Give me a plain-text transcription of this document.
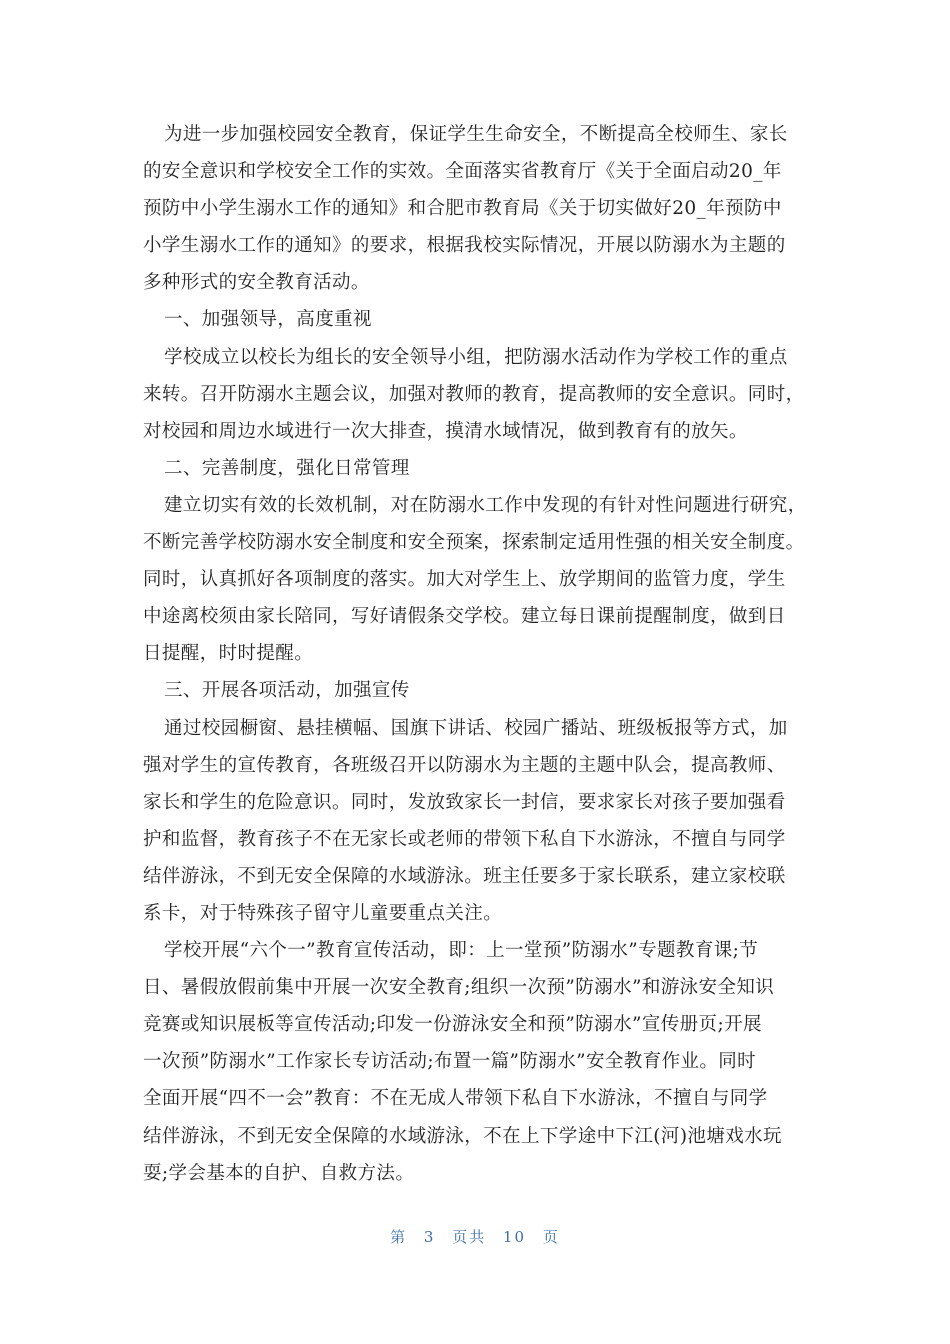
为进一步加强校园安全教育，保证学生生命安全，不断提高全校师生、家长
的安全意识和学校安全工作的实效。全面落实省教育厅《关于全面启动20_年
预防中小学生溺水工作的通知》和合肥市教育局《关于切实做好20_年预防中
小学生溺水工作的通知》的要求，根据我校实际情况，开展以防溺水为主题的
多种形式的安全教育活动。
一、加强领导，高度重视
学校成立以校长为组长的安全领导小组，把防溺水活动作为学校工作的重点
来转。召开防溺水主题会议，加强对教师的教育，提高教师的安全意识。同时，
对校园和周边水域进行一次大排查，摸清水域情况，做到教育有的放矢。
二、完善制度，强化日常管理
建立切实有效的长效机制，对在防溺水工作中发现的有针对性问题进行研究，
不断完善学校防溺水安全制度和安全预案，探索制定适用性强的相关安全制度。
同时，认真抓好各项制度的落实。加大对学生上、放学期间的监管力度，学生
中途离校须由家长陪同，写好请假条交学校。建立每日课前提醒制度，做到日
日提醒，时时提醒。
三、开展各项活动，加强宣传
通过校园橱窗、悬挂横幅、国旗下讲话、校园广播站、班级板报等方式，加
强对学生的宣传教育，各班级召开以防溺水为主题的主题中队会，提高教师、
家长和学生的危险意识。同时，发放致家长一封信，要求家长对孩子要加强看
护和监督，教育孩子不在无家长或老师的带领下私自下水游泳，不擅自与同学
结伴游泳，不到无安全保障的水域游泳。班主任要多于家长联系，建立家校联
系卡，对于特殊孩子留守儿童要重点关注。
学校开展“六个一”教育宣传活动，即：上一堂预”防溺水”专题教育课;节
日、暑假放假前集中开展一次安全教育;组织一次预”防溺水”和游泳安全知识
竞赛或知识展板等宣传活动;印发一份游泳安全和预”防溺水”宣传册页;开展
一次预”防溺水”工作家长专访活动;布置一篇”防溺水”安全教育作业。同时
全面开展“四不一会”教育：不在无成人带领下私自下水游泳，不擅自与同学
结伴游泳，不到无安全保障的水域游泳，不在上下学途中下江(河)池塘戏水玩
耍;学会基本的自护、自救方法。
第 3 页共 10 页
